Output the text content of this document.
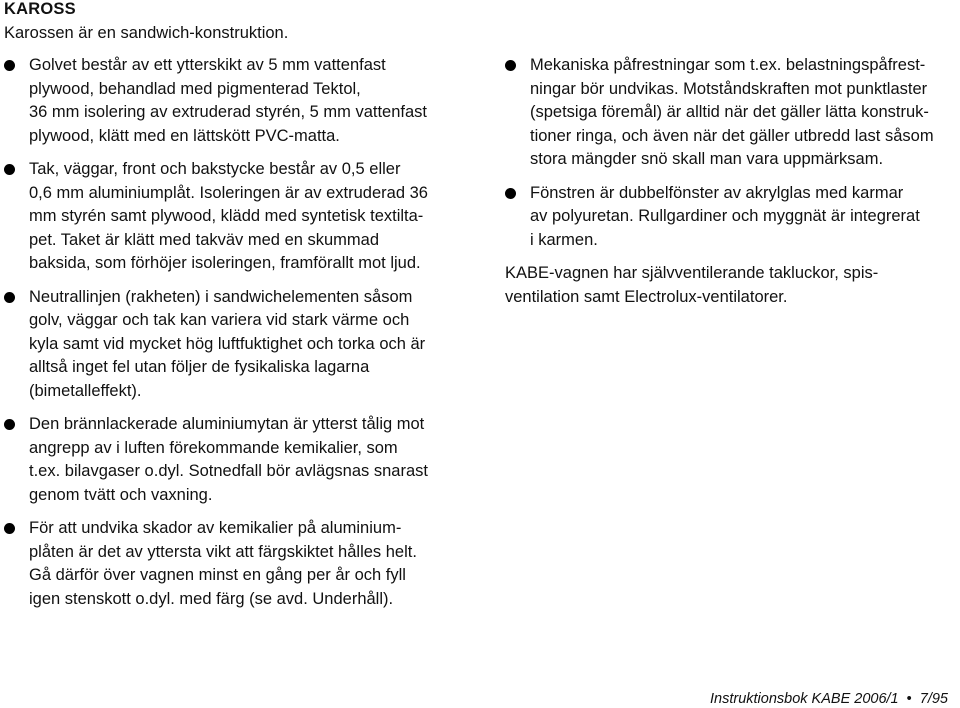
KAROSS
Karossen är en sandwich-konstruktion.
Golvet består av ett ytterskikt av 5 mm vattenfast
plywood, behandlad med pigmenterad Tektol,
36 mm isolering av extruderad styrén, 5 mm vattenfast
plywood, klätt med en lättskött PVC-matta.
Tak, väggar, front och bakstycke består av 0,5 eller
0,6 mm aluminiumplåt. Isoleringen är av extruderad 36
mm styrén samt plywood, klädd med syntetisk textilta-
pet. Taket är klätt med takväv med en skummad
baksida, som förhöjer isoleringen, framförallt mot ljud.
Neutrallinjen (rakheten) i sandwichelementen såsom
golv, väggar och tak kan variera vid stark värme och
kyla samt vid mycket hög luftfuktighet och torka och är
alltså inget fel utan följer de fysikaliska lagarna
(bimetalleffekt).
Den brännlackerade aluminiumytan är ytterst tålig mot
angrepp av i luften förekommande kemikalier, som
t.ex. bilavgaser o.dyl. Sotnedfall bör avlägsnas snarast
genom tvätt och vaxning.
För att undvika skador av kemikalier på aluminium-
plåten är det av yttersta vikt att färgskiktet hålles helt.
Gå därför över vagnen minst en gång per år och fyll
igen stenskott o.dyl. med färg (se avd. Underhåll).
Mekaniska påfrestningar som t.ex. belastningspåfrest-
ningar bör undvikas. Motståndskraften mot punktlaster
(spetsiga föremål) är alltid när det gäller lätta konstruk-
tioner ringa, och även när det gäller utbredd last såsom
stora mängder snö skall man vara uppmärksam.
Fönstren är dubbelfönster av akrylglas med karmar
av polyuretan. Rullgardiner och myggnät är integrerat
i karmen.
KABE-vagnen har självventilerande takluckor, spis-
ventilation samt Electrolux-ventilatorer.
Instruktionsbok KABE 2006/1 • 7/95
